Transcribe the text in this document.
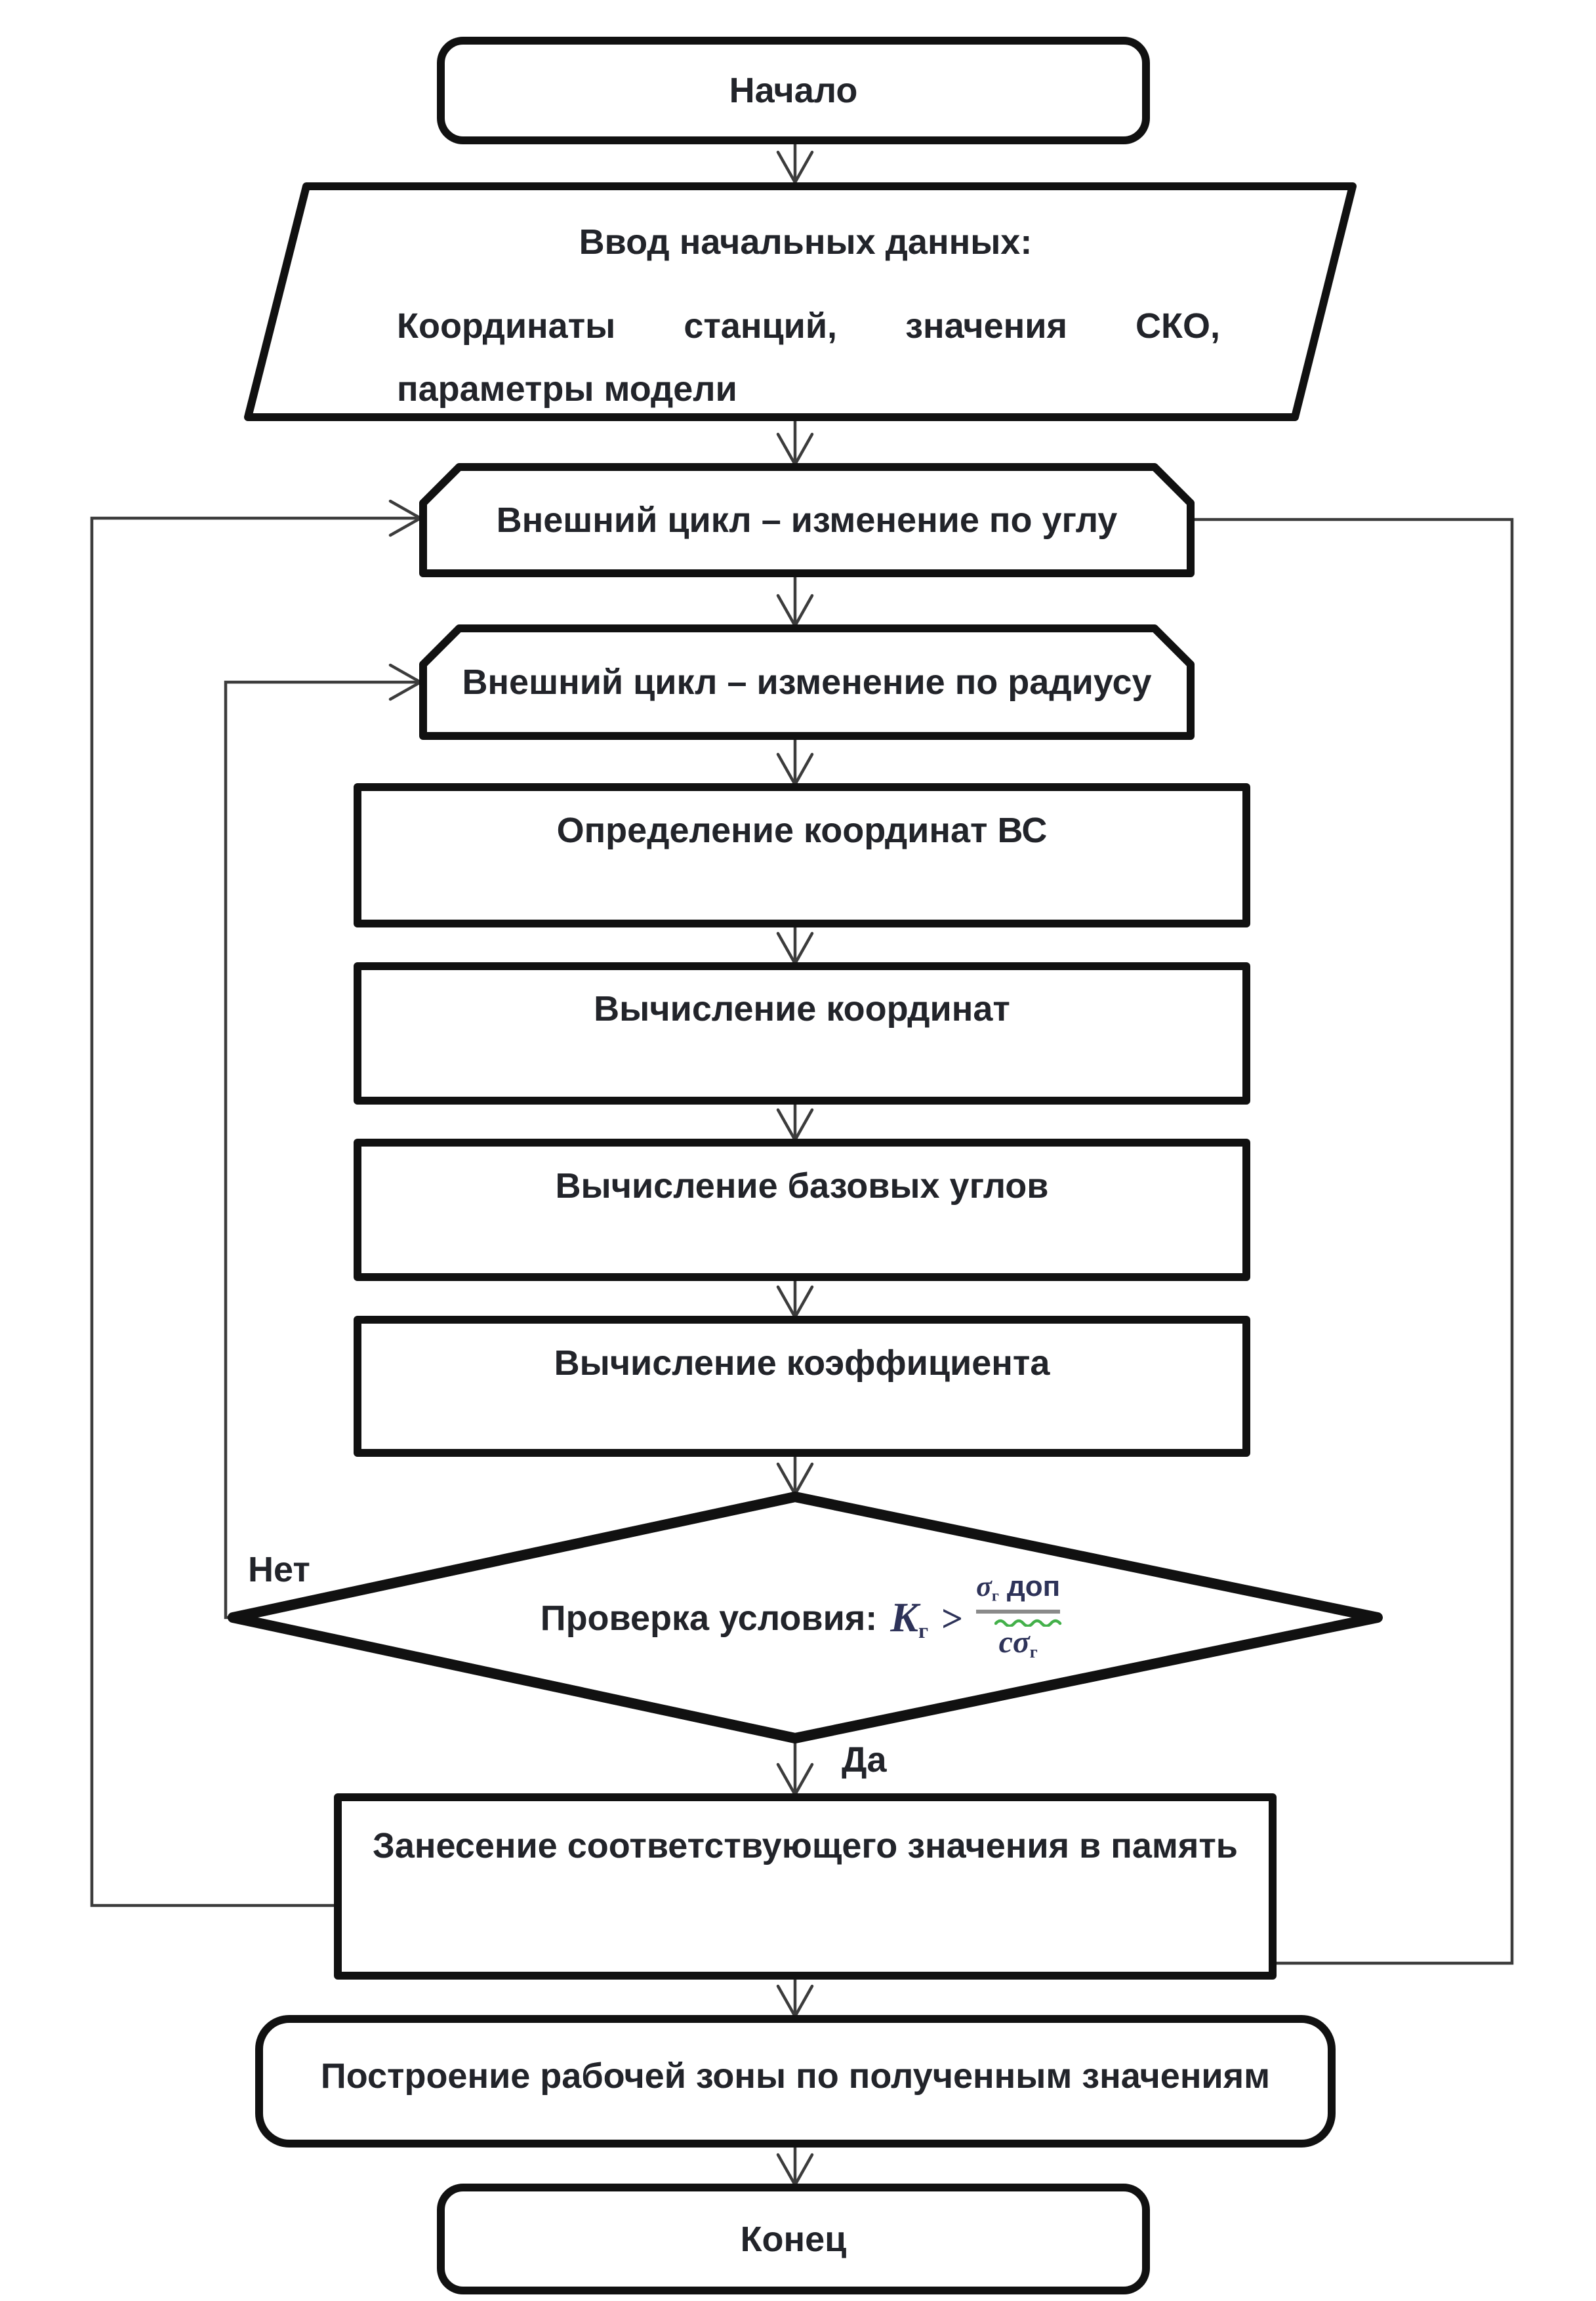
Начало
Ввод начальных данных:
Координаты станций, значения СКО,
параметры модели
Внешний цикл – изменение по углу
Внешний цикл – изменение по радиусу
Определение координат ВС
Вычисление координат
Вычисление базовых углов
Вычисление коэффициента
Проверка условия: $K_г$ >
$\sigma_г$ доп
$c\sigma_г$
Нет
Да
Занесение соответствующего значения в память
Построение рабочей зоны по полученным значениям
Конец
